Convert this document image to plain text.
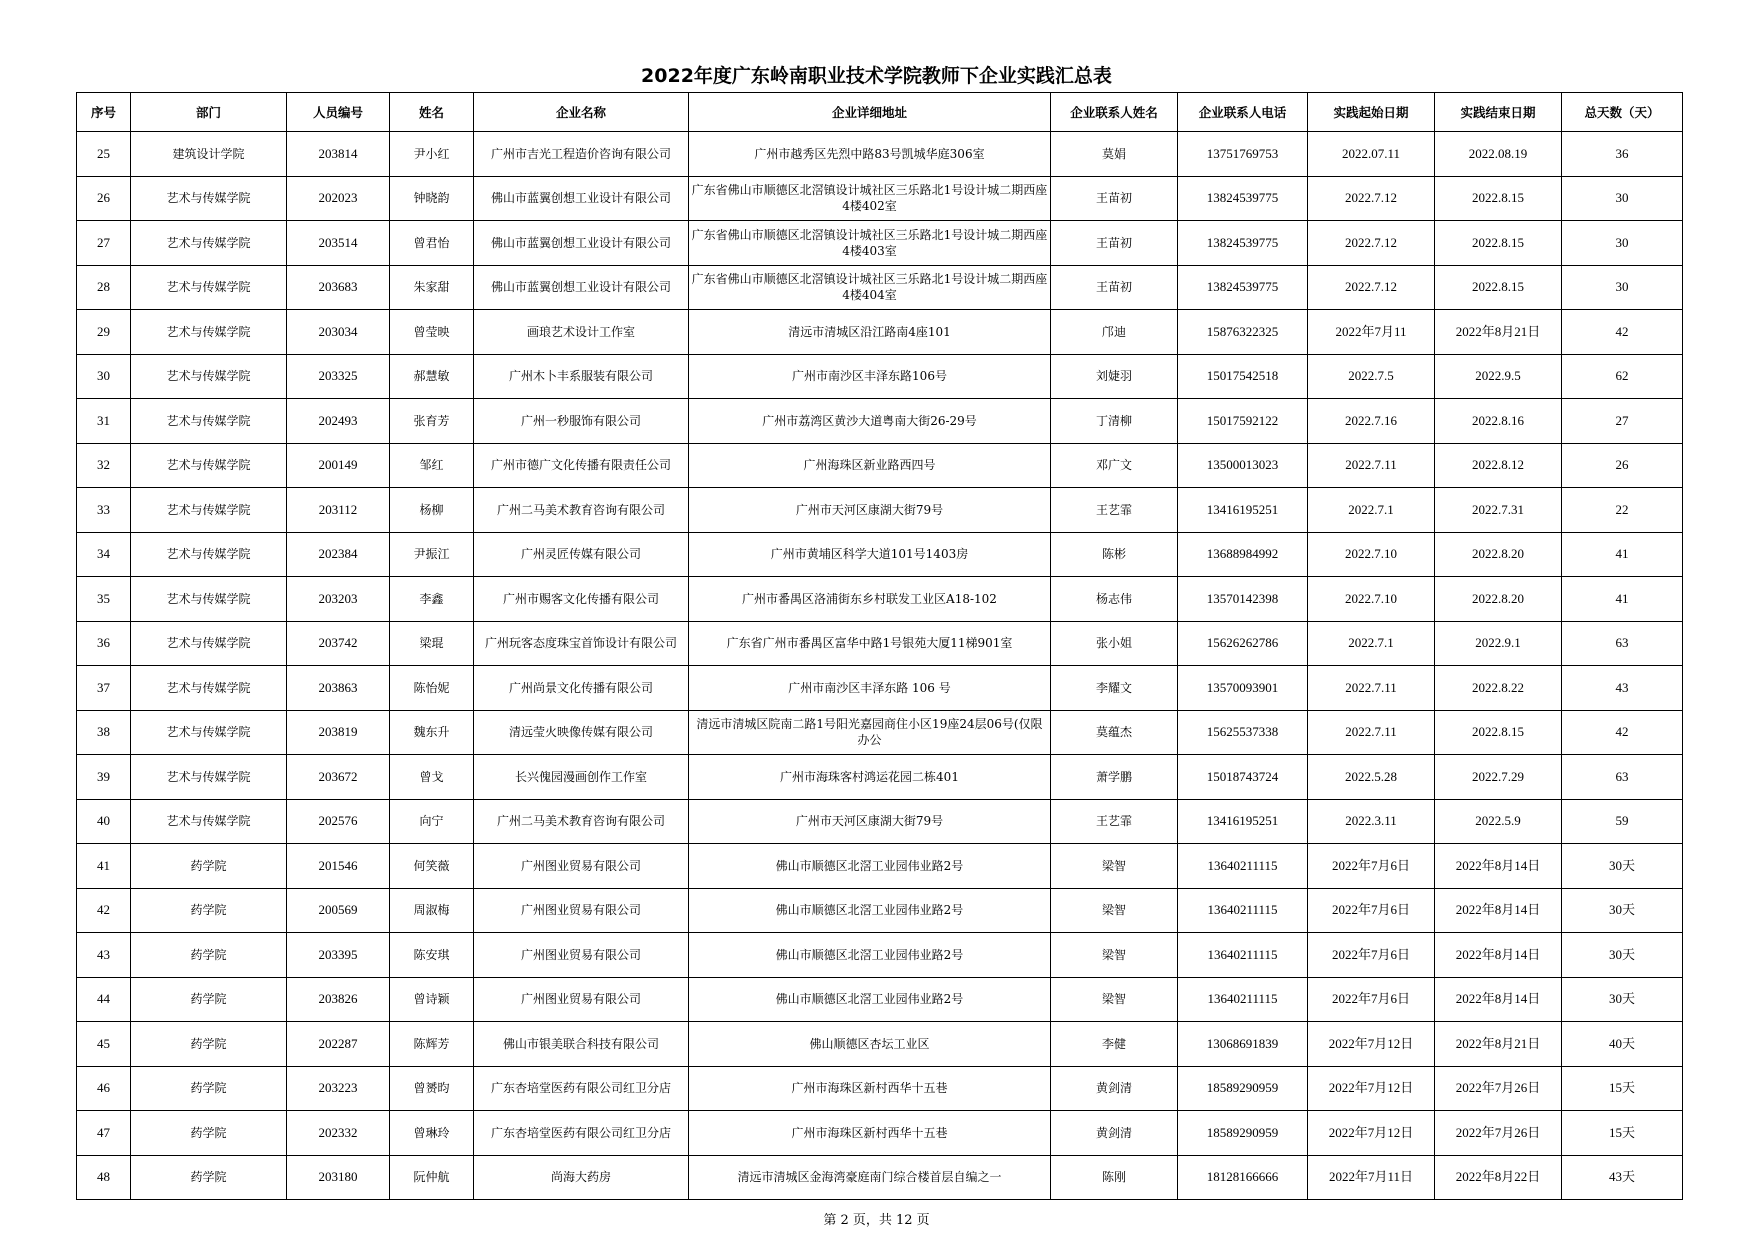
2022年度广东岭南职业技术学院教师下企业实践汇总表
序号	部门	人员编号	姓名	企业名称	企业详细地址	企业联系人姓名	企业联系人电话	实践起始日期	实践结束日期	总天数（天）
25	建筑设计学院	203814	尹小红	广州市吉光工程造价咨询有限公司	广州市越秀区先烈中路83号凯城华庭306室	莫娟	13751769753	2022.07.11	2022.08.19	36
26	艺术与传媒学院	202023	钟晓韵	佛山市蓝翼创想工业设计有限公司	广东省佛山市顺德区北滘镇设计城社区三乐路北1号设计城二期西座4楼402室	王苗初	13824539775	2022.7.12	2022.8.15	30
27	艺术与传媒学院	203514	曾君怡	佛山市蓝翼创想工业设计有限公司	广东省佛山市顺德区北滘镇设计城社区三乐路北1号设计城二期西座4楼403室	王苗初	13824539775	2022.7.12	2022.8.15	30
28	艺术与传媒学院	203683	朱家甜	佛山市蓝翼创想工业设计有限公司	广东省佛山市顺德区北滘镇设计城社区三乐路北1号设计城二期西座4楼404室	王苗初	13824539775	2022.7.12	2022.8.15	30
29	艺术与传媒学院	203034	曾莹映	画琅艺术设计工作室	清远市清城区沿江路南4座101	邝迪	15876322325	2022年7月11	2022年8月21日	42
30	艺术与传媒学院	203325	郝慧敏	广州木卜丰系服装有限公司	广州市南沙区丰泽东路106号	刘婕羽	15017542518	2022.7.5	2022.9.5	62
31	艺术与传媒学院	202493	张育芳	广州一秒服饰有限公司	广州市荔湾区黄沙大道粤南大街26-29号	丁清柳	15017592122	2022.7.16	2022.8.16	27
32	艺术与传媒学院	200149	邹红	广州市德广文化传播有限责任公司	广州海珠区新业路西四号	邓广文	13500013023	2022.7.11	2022.8.12	26
33	艺术与传媒学院	203112	杨柳	广州二马美术教育咨询有限公司	广州市天河区康湖大街79号	王艺霏	13416195251	2022.7.1	2022.7.31	22
34	艺术与传媒学院	202384	尹振江	广州灵匠传媒有限公司	广州市黄埔区科学大道101号1403房	陈彬	13688984992	2022.7.10	2022.8.20	41
35	艺术与传媒学院	203203	李鑫	广州市赐客文化传播有限公司	广州市番禺区洛浦街东乡村联发工业区A18-102	杨志伟	13570142398	2022.7.10	2022.8.20	41
36	艺术与传媒学院	203742	梁琨	广州玩客态度珠宝首饰设计有限公司	广东省广州市番禺区富华中路1号银苑大厦11梯901室	张小姐	15626262786	2022.7.1	2022.9.1	63
37	艺术与传媒学院	203863	陈怡妮	广州尚景文化传播有限公司	广州市南沙区丰泽东路 106 号	李耀文	13570093901	2022.7.11	2022.8.22	43
38	艺术与传媒学院	203819	魏东升	清远莹火映像传媒有限公司	清远市清城区院南二路1号阳光嘉园商住小区19座24层06号(仅限办公	莫蕴杰	15625537338	2022.7.11	2022.8.15	42
39	艺术与传媒学院	203672	曾戈	长兴傀园漫画创作工作室	广州市海珠客村鸿运花园二栋401	萧学鹏	15018743724	2022.5.28	2022.7.29	63
40	艺术与传媒学院	202576	向宁	广州二马美术教育咨询有限公司	广州市天河区康湖大街79号	王艺霏	13416195251	2022.3.11	2022.5.9	59
41	药学院	201546	何笑薇	广州图业贸易有限公司	佛山市顺德区北滘工业园伟业路2号	梁智	13640211115	2022年7月6日	2022年8月14日	30天
42	药学院	200569	周淑梅	广州图业贸易有限公司	佛山市顺德区北滘工业园伟业路2号	梁智	13640211115	2022年7月6日	2022年8月14日	30天
43	药学院	203395	陈安琪	广州图业贸易有限公司	佛山市顺德区北滘工业园伟业路2号	梁智	13640211115	2022年7月6日	2022年8月14日	30天
44	药学院	203826	曾诗颖	广州图业贸易有限公司	佛山市顺德区北滘工业园伟业路2号	梁智	13640211115	2022年7月6日	2022年8月14日	30天
45	药学院	202287	陈辉芳	佛山市银美联合科技有限公司	佛山顺德区杏坛工业区	李健	13068691839	2022年7月12日	2022年8月21日	40天
46	药学院	203223	曾赟昀	广东杏培堂医药有限公司红卫分店	广州市海珠区新村西华十五巷	黄剑清	18589290959	2022年7月12日	2022年7月26日	15天
47	药学院	202332	曾琳玲	广东杏培堂医药有限公司红卫分店	广州市海珠区新村西华十五巷	黄剑清	18589290959	2022年7月12日	2022年7月26日	15天
48	药学院	203180	阮仲航	尚海大药房	清远市清城区金海湾豪庭南门综合楼首层自编之一	陈刚	18128166666	2022年7月11日	2022年8月22日	43天
第 2 页，共 12 页
